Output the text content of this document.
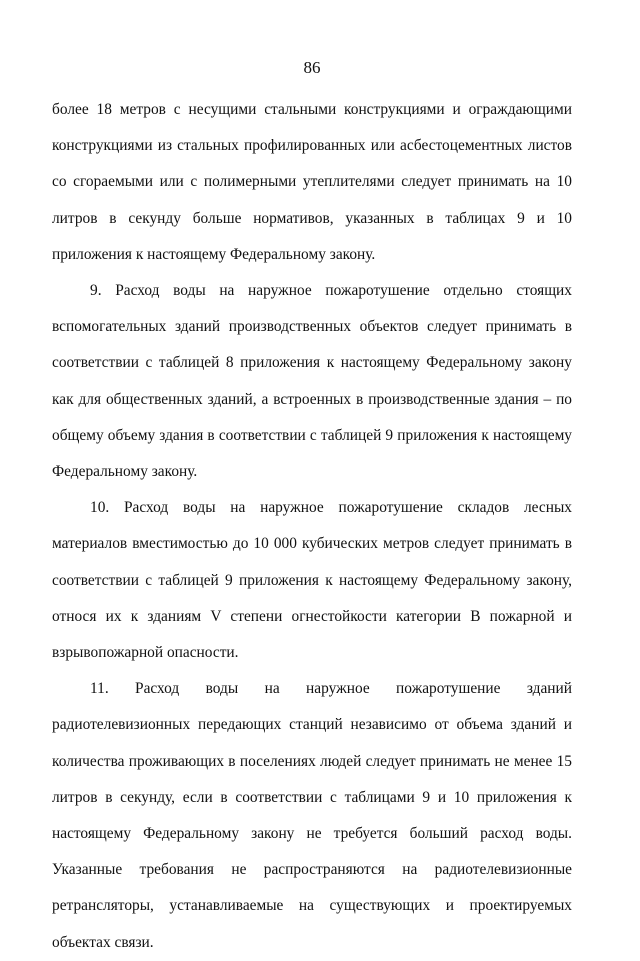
86

более 18 метров с несущими стальными конструкциями и ограждающими конструкциями из стальных профилированных или асбестоцементных листов со сгораемыми или с полимерными утеплителями следует принимать на 10 литров в секунду больше нормативов, указанных в таблицах 9 и 10 приложения к настоящему Федеральному закону.

9. Расход воды на наружное пожаротушение отдельно стоящих вспомогательных зданий производственных объектов следует принимать в соответствии с таблицей 8 приложения к настоящему Федеральному закону как для общественных зданий, а встроенных в производственные здания – по общему объему здания в соответствии с таблицей 9 приложения к настоящему Федеральному закону.

10. Расход воды на наружное пожаротушение складов лесных материалов вместимостью до 10 000 кубических метров следует принимать в соответствии с таблицей 9 приложения к настоящему Федеральному закону, относя их к зданиям V степени огнестойкости категории В пожарной и взрывопожарной опасности.

11. Расход воды на наружное пожаротушение зданий радиотелевизионных передающих станций независимо от объема зданий и количества проживающих в поселениях людей следует принимать не менее 15 литров в секунду, если в соответствии с таблицами 9 и 10 приложения к настоящему Федеральному закону не требуется больший расход воды. Указанные требования не распространяются на радиотелевизионные ретрансляторы, устанавливаемые на существующих и проектируемых объектах связи.
